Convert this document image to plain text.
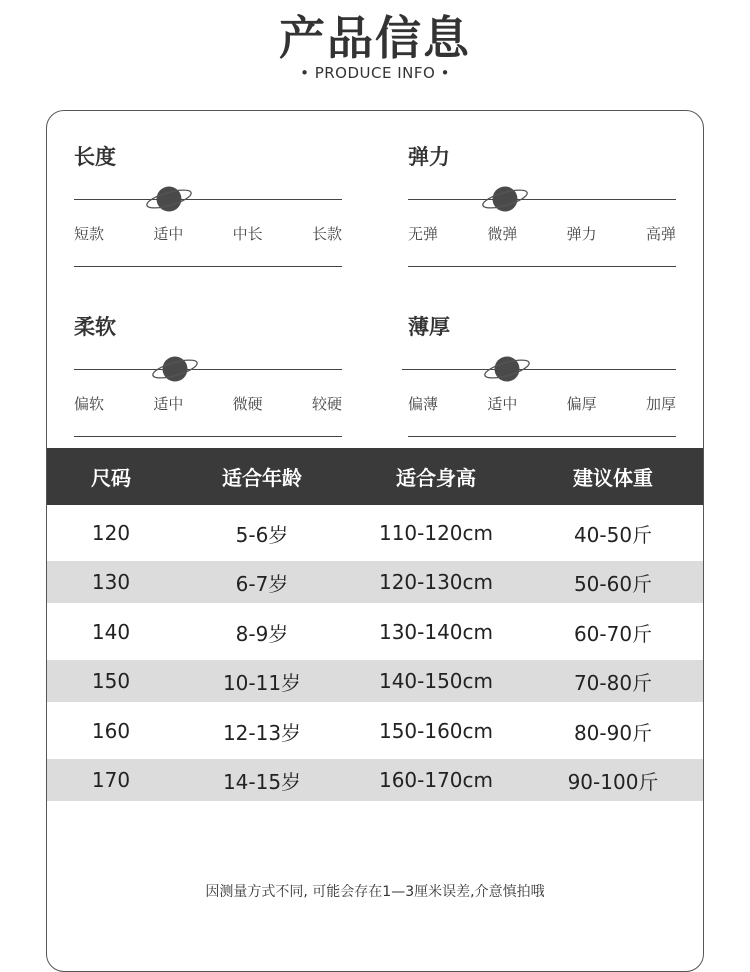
产品信息
• PRODUCE INFO •
长度
短款	适中	中长	长款
弹力
无弹	微弹	弹力	高弹
柔软
偏软	适中	微硬	较硬
薄厚
偏薄	适中	偏厚	加厚
尺码	适合年龄	适合身高	建议体重
120	5-6岁	110-120cm	40-50斤
130	6-7岁	120-130cm	50-60斤
140	8-9岁	130-140cm	60-70斤
150	10-11岁	140-150cm	70-80斤
160	12-13岁	150-160cm	80-90斤
170	14-15岁	160-170cm	90-100斤
因测量方式不同, 可能会存在1—3厘米误差,介意慎拍哦
